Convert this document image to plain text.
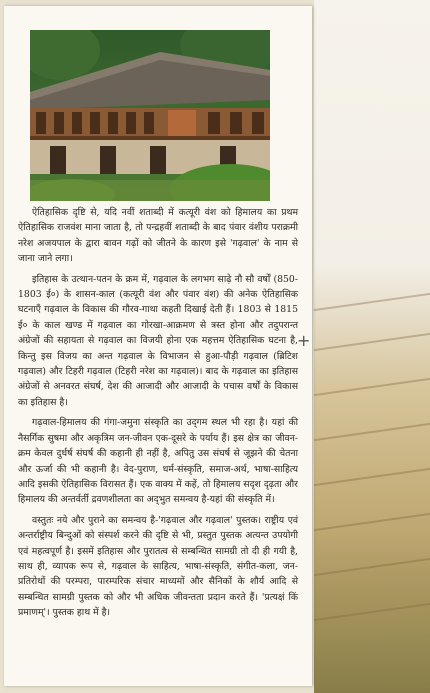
ऐतिहासिक दृष्टि से, यदि नवीं शताब्दी में कत्यूरी वंश को हिमालय का प्रथम ऐतिहासिक राजवंश माना जाता है, तो पन्द्रहवीं शताब्दी के बाद पंवार वंशीय पराक्रमी नरेश अजयपाल के द्वारा बावन गढ़ों को जीतने के कारण इसे 'गढ़वाल' के नाम से जाना जाने लगा।

इतिहास के उत्थान-पतन के क्रम में, गढ़वाल के लगभग साढ़े नौ सौ वर्षों (850-1803 ई०) के शासन-काल (कत्यूरी वंश और पंवार वंश) की अनेक ऐतिहासिक घटनाएँ गढ़वाल के विकास की गौरव-गाथा कहती दिखाई देती हैं। 1803 से 1815 ई० के काल खण्ड में गढ़वाल का गोरखा-आक्रमण से त्रस्त होना और तदुपरान्त अंग्रेजों की सहायता से गढ़वाल का विजयी होना एक महत्तम ऐतिहासिक घटना है, किन्तु इस विजय का अन्त गढ़वाल के विभाजन से हुआ-पौड़ी गढ़वाल (ब्रिटिश गढ़वाल) और टिहरी गढ़वाल (टिहरी नरेश का गढ़वाल)। बाद के गढ़वाल का इतिहास अंग्रेजों से अनवरत संघर्ष, देश की आजादी और आजादी के पचास वर्षों के विकास का इतिहास है।

गढ़वाल-हिमालय की गंगा-जमुना संस्कृति का उद्‌गम स्थल भी रहा है। यहां की नैसर्गिक सुषमा और अकृत्रिम जन-जीवन एक-दूसरे के पर्याय हैं। इस क्षेत्र का जीवन-क्रम केवल दुर्धर्ष संघर्ष की कहानी ही नहीं है, अपितु उस संघर्ष से जूझने की चेतना और ऊर्जा की भी कहानी है। वेद-पुराण, धर्म-संस्कृति, समाज-अर्थ, भाषा-साहित्य आदि इसकी ऐतिहासिक विरासत हैं। एक वाक्य में कहें, तो हिमालय सदृश दृढ़ता और हिमालय की अन्तर्वर्ती द्रवणशीलता का अद्‌भुत समन्वय है-यहां की संस्कृति में।

वस्तुतः नये और पुराने का समन्वय है-'गढ़वाल और गढ़वाल' पुस्तक। राष्ट्रीय एवं अन्तर्राष्ट्रीय बिन्दुओं को संस्पर्श करने की दृष्टि से भी, प्रस्तुत पुस्तक अत्यन्त उपयोगी एवं महत्वपूर्ण है। इसमें इतिहास और पुरातत्व से सम्बन्धित सामग्री तो दी ही गयी है, साथ ही, व्यापक रूप से, गढ़वाल के साहित्य, भाषा-संस्कृति, संगीत-कला, जन-प्रतिरोधों की परम्परा, पारम्परिक संचार माध्यमों और सैनिकों के शौर्य आदि से सम्बन्धित सामग्री पुस्तक को और भी अधिक जीवन्तता प्रदान करते हैं। 'प्रत्यक्षं किं प्रमाणम्'। पुस्तक हाथ में है।

+
